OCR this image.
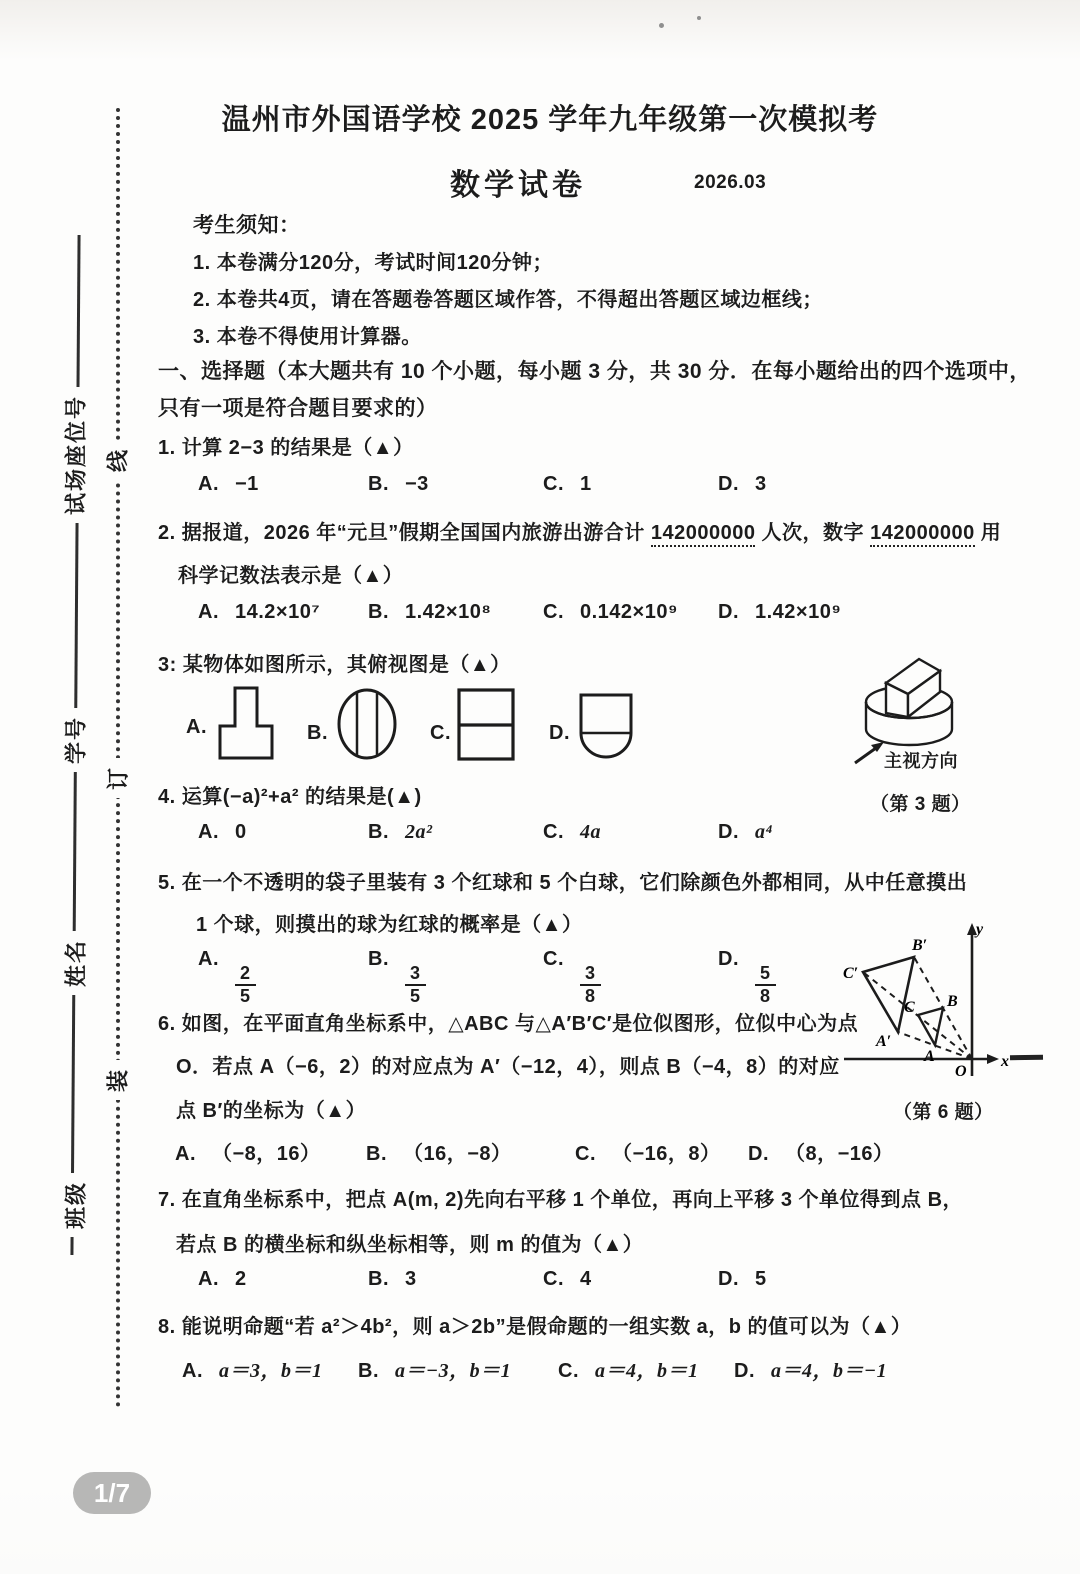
试场座位号
学号
姓名
班级
线
订
装
温州市外国语学校 2025 学年九年级第一次模拟考
数学试卷	2026.03
考生须知：
1. 本卷满分120分，考试时间120分钟；
2. 本卷共4页，请在答题卷答题区域作答，不得超出答题区域边框线；
3. 本卷不得使用计算器。
一、选择题（本大题共有 10 个小题，每小题 3 分，共 30 分．在每小题给出的四个选项中，
只有一项是符合题目要求的）
1. 计算 2−3 的结果是（▲）
A. −1	B. −3	C. 1	D. 3
2. 据报道，2026 年“元旦”假期全国国内旅游出游合计 142000000 人次，数字 142000000 用
科学记数法表示是（▲）
A. 14.2×10⁷ B. 1.42×10⁸	C. 0.142×10⁹ D. 1.42×10⁹
3: 某物体如图所示，其俯视图是（▲）
A.	B.	C.	D.
主视方向
（第 3 题）
4. 运算(−a)²+a² 的结果是(▲)
A. 0	B. 2a²	C. 4a	D. a⁴
5. 在一个不透明的袋子里装有 3 个红球和 5 个白球，它们除颜色外都相同，从中任意摸出
1 个球，则摸出的球为红球的概率是（▲）
A.
$\frac{2}{5}$
B.
$\frac{3}{5}$
C.
$\frac{3}{8}$
D.
$\frac{5}{8}$
B′
C′
A′
B
C
A
O
x
y
（第 6 题）
6. 如图，在平面直角坐标系中，△ABC 与△A′B′C′是位似图形，位似中心为点
O．若点 A（−6，2）的对应点为 A′（−12，4），则点 B（−4，8）的对应
点 B′的坐标为（▲）
A. （−8，16） B. （16，−8）	C. （−16，8） D. （8，−16）
7. 在直角坐标系中，把点 A(m, 2)先向右平移 1 个单位，再向上平移 3 个单位得到点 B，
若点 B 的横坐标和纵坐标相等，则 m 的值为（▲）
A. 2	B. 3	C. 4	D. 5
8. 能说明命题“若 a²＞4b²，则 a＞2b”是假命题的一组实数 a，b 的值可以为（▲）
A. a＝3，b＝1 B. a＝−3，b＝1 C. a＝4，b＝1 D. a＝4，b＝−1
1/7
